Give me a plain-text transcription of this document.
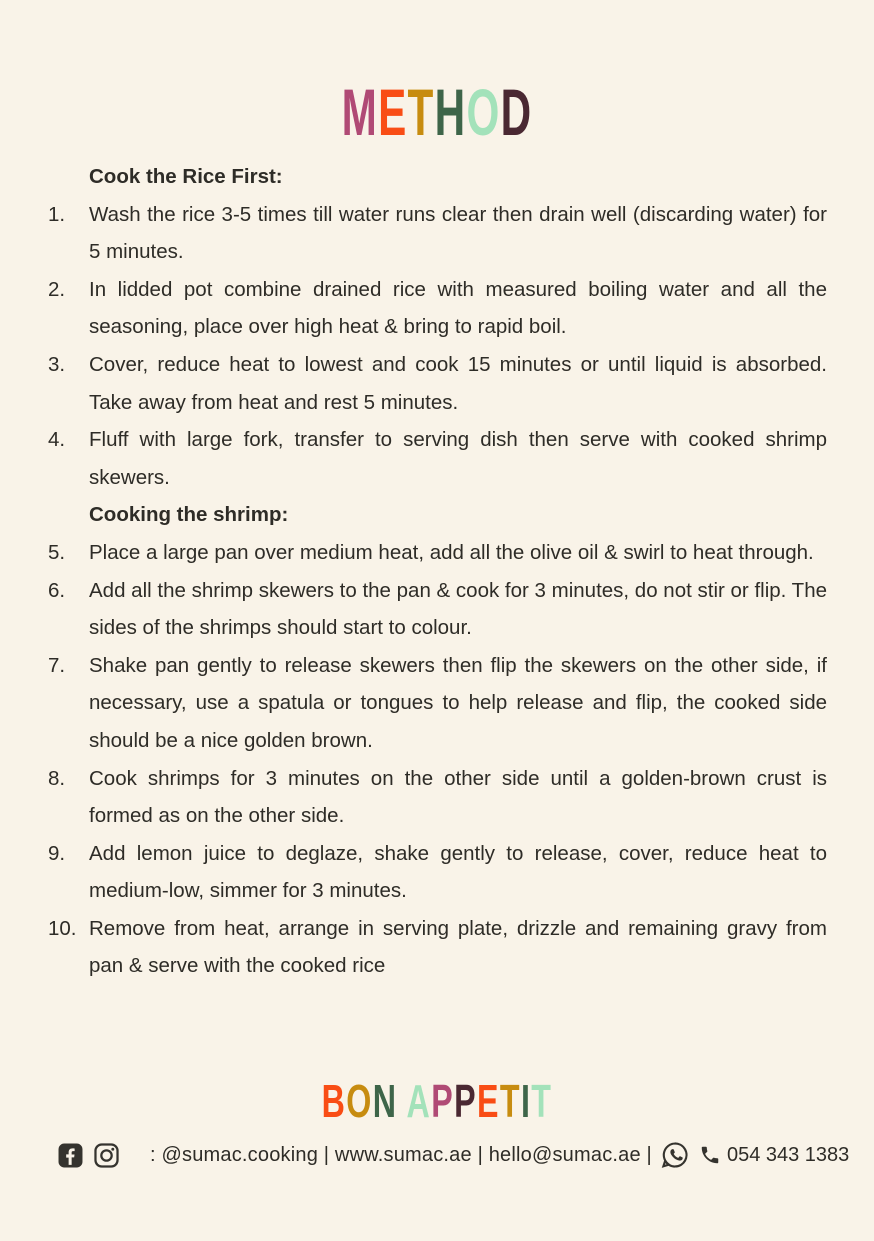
METHOD
Cook the Rice First:
1.	Wash the rice 3-5 times till water runs clear then drain well (discarding water) for 5 minutes.
2.	In lidded pot combine drained rice with measured boiling water and all the seasoning, place over high heat & bring to rapid boil.
3.	Cover, reduce heat to lowest and cook 15 minutes or until liquid is absorbed. Take away from heat and rest 5 minutes.
4.	Fluff with large fork, transfer to serving dish then serve with cooked shrimp skewers.
Cooking the shrimp:
5.	Place a large pan over medium heat, add all the olive oil & swirl to heat through.
6.	Add all the shrimp skewers to the pan & cook for 3 minutes, do not stir or flip. The sides of the shrimps should start to colour.
7.	Shake pan gently to release skewers then flip the skewers on the other side, if necessary, use a spatula or tongues to help release and flip, the cooked side should be a nice golden brown.
8.	Cook shrimps for 3 minutes on the other side until a golden-brown crust is formed as on the other side.
9.	Add lemon juice to deglaze, shake gently to release, cover, reduce heat to medium-low, simmer for 3 minutes.
10. Remove from heat, arrange in serving plate, drizzle and remaining gravy from pan & serve with the cooked rice
BON APPETIT
: @sumac.cooking | www.sumac.ae | hello@sumac.ae |	054 343 1383
